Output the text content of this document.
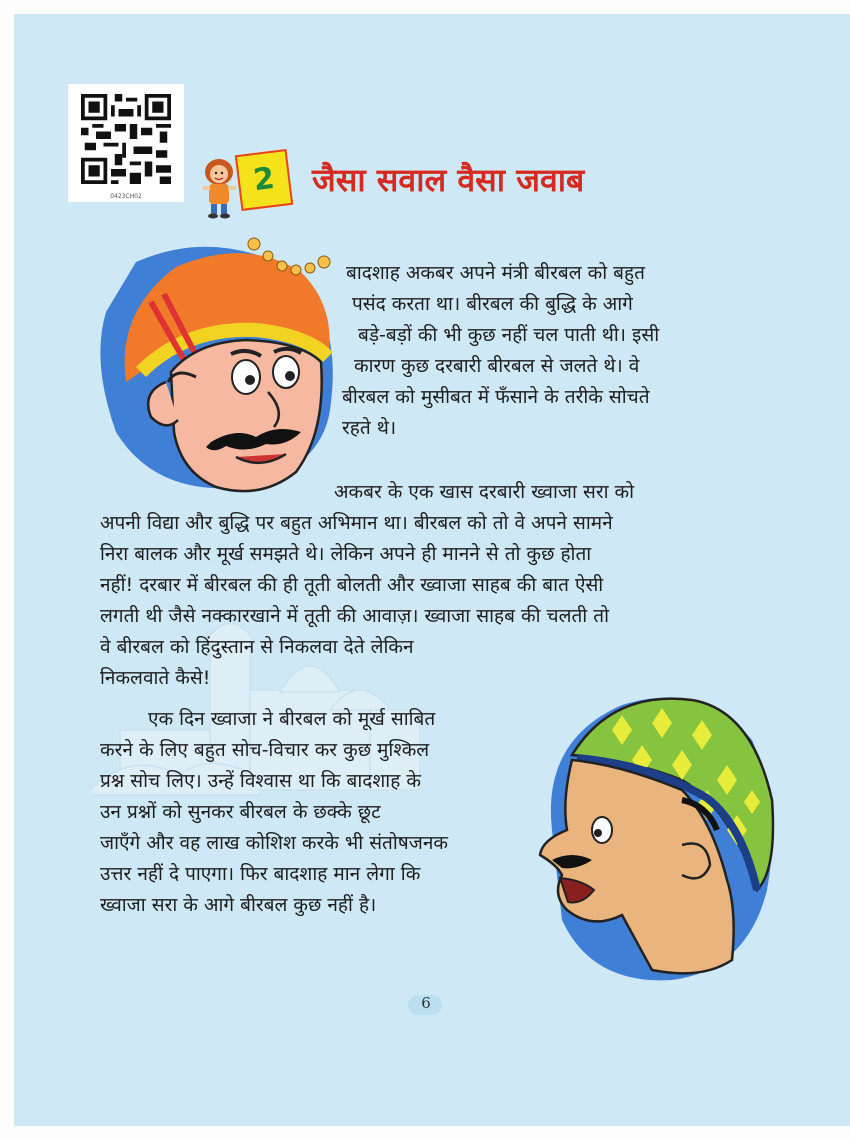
0423CH02	2	जैसा सवाल वैसा जवाब

बादशाह अकबर अपने मंत्री बीरबल को बहुत

पसंद करता था। बीरबल की बुद्धि के आगे

बड़े-बड़ों की भी कुछ नहीं चल पाती थी। इसी

कारण कुछ दरबारी बीरबल से जलते थे। वे

बीरबल को मुसीबत में फँसाने के तरीके सोचते

रहते थे।

अकबर के एक खास दरबारी ख्वाजा सरा को

अपनी विद्या और बुद्धि पर बहुत अभिमान था। बीरबल को तो वे अपने सामने

निरा बालक और मूर्ख समझते थे। लेकिन अपने ही मानने से तो कुछ होता

नहीं! दरबार में बीरबल की ही तूती बोलती और ख्वाजा साहब की बात ऐसी

लगती थी जैसे नक्कारखाने में तूती की आवाज़। ख्वाजा साहब की चलती तो

वे बीरबल को हिंदुस्तान से निकलवा देते लेकिन

निकलवाते कैसे!

एक दिन ख्वाजा ने बीरबल को मूर्ख साबित

करने के लिए बहुत सोच-विचार कर कुछ मुश्किल

प्रश्न सोच लिए। उन्हें विश्वास था कि बादशाह के

उन प्रश्नों को सुनकर बीरबल के छक्के छूट

जाएँगे और वह लाख कोशिश करके भी संतोषजनक

उत्तर नहीं दे पाएगा। फिर बादशाह मान लेगा कि

ख्वाजा सरा के आगे बीरबल कुछ नहीं है।

6
